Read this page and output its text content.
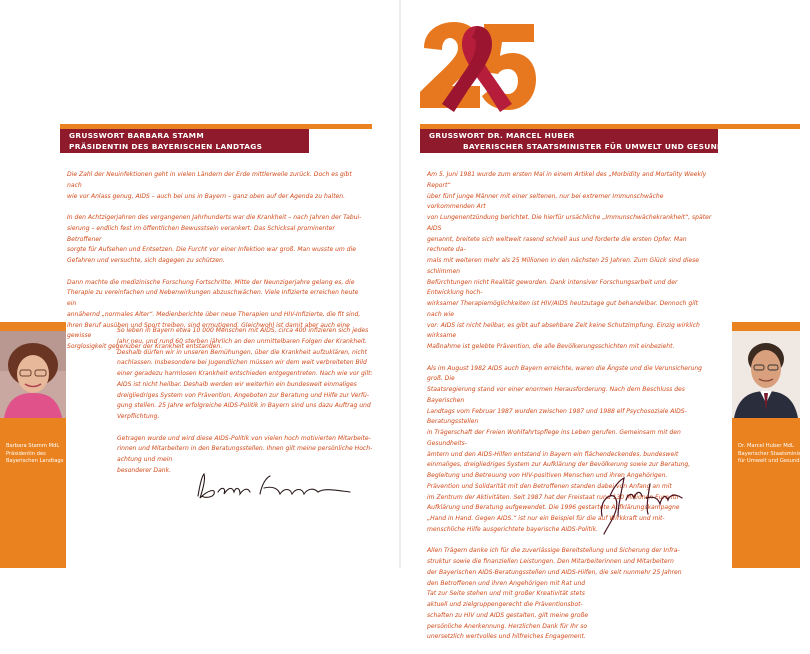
GRUSSWORT BARBARA STAMM
PRÄSIDENTIN DES BAYERISCHEN LANDTAGS

Die Zahl der Neuinfektionen geht in vielen Ländern der Erde mittlerweile zurück. Doch es gibt nach
wie vor Anlass genug, AIDS – auch bei uns in Bayern – ganz oben auf der Agenda zu halten.

In den Achtzigerjahren des vergangenen Jahrhunderts war die Krankheit – nach Jahren der Tabui-
sierung – endlich fest im öffentlichen Bewusstsein verankert. Das Schicksal prominenter Betroffener
sorgte für Aufsehen und Entsetzen. Die Furcht vor einer Infektion war groß. Man wusste um die
Gefahren und versuchte, sich dagegen zu schützen.

Dann machte die medizinische Forschung Fortschritte. Mitte der Neunzigerjahre gelang es, die
Therapie zu vereinfachen und Nebenwirkungen abzuschwächen. Viele Infizierte erreichen heute ein
annähernd „normales Alter“. Medienberichte über neue Therapien und HIV-Infizierte, die fit sind,
ihren Beruf ausüben und Sport treiben, sind ermutigend. Gleichwohl ist damit aber auch eine gewisse
Sorglosigkeit gegenüber der Krankheit entstanden.

Barbara Stamm MdL
Präsidentin des
Bayerischen Landtags

So leben in Bayern etwa 10 000 Menschen mit AIDS, circa 400 infizieren sich jedes
Jahr neu, und rund 60 sterben jährlich an den unmittelbaren Folgen der Krankheit.
Deshalb dürfen wir in unseren Bemühungen, über die Krankheit aufzuklären, nicht
nachlassen. Insbesondere bei Jugendlichen müssen wir dem weit verbreiteten Bild
einer geradezu harmlosen Krankheit entschieden entgegentreten. Nach wie vor gilt:
AIDS ist nicht heilbar. Deshalb werden wir weiterhin ein bundesweit einmaliges
dreigliedriges System von Prävention, Angeboten zur Beratung und Hilfe zur Verfü-
gung stellen. 25 Jahre erfolgreiche AIDS-Politik in Bayern sind uns dazu Auftrag und
Verpflichtung.

Getragen wurde und wird diese AIDS-Politik von vielen hoch motivierten Mitarbeite-
rinnen und Mitarbeitern in den Beratungsstellen. Ihnen gilt meine persönliche Hoch-
achtung und mein
besonderer Dank.

GRUSSWORT DR. MARCEL HUBER
BAYERISCHER STAATSMINISTER FÜR UMWELT UND GESUNDHEIT

Am 5. Juni 1981 wurde zum ersten Mal in einem Artikel des „Morbidity and Mortality Weekly Report“
über fünf junge Männer mit einer seltenen, nur bei extremer Immunschwäche vorkommenden Art
von Lungenentzündung berichtet. Die hierfür ursächliche „Immunschwächekrankheit“, später AIDS
genannt, breitete sich weltweit rasend schnell aus und forderte die ersten Opfer. Man rechnete da-
mals mit weiteren mehr als 25 Millionen in den nächsten 25 Jahren. Zum Glück sind diese schlimmen
Befürchtungen nicht Realität geworden. Dank intensiver Forschungsarbeit und der Entwicklung hoch-
wirksamer Therapiemöglichkeiten ist HIV/AIDS heutzutage gut behandelbar. Dennoch gilt nach wie
vor: AIDS ist nicht heilbar, es gibt auf absehbare Zeit keine Schutzimpfung. Einzig wirklich wirksame
Maßnahme ist gelebte Prävention, die alle Bevölkerungsschichten mit einbezieht.

Als im August 1982 AIDS auch Bayern erreichte, waren die Ängste und die Verunsicherung groß. Die
Staatsregierung stand vor einer enormen Herausforderung. Nach dem Beschluss des Bayerischen
Landtags vom Februar 1987 wurden zwischen 1987 und 1988 elf Psychosoziale AIDS-Beratungsstellen
in Trägerschaft der Freien Wohlfahrtspflege ins Leben gerufen. Gemeinsam mit den Gesundheits-
ämtern und den AIDS-Hilfen entstand in Bayern ein flächendeckendes, bundesweit
einmaliges, dreigliedriges System zur Aufklärung der Bevölkerung sowie zur Beratung,
Begleitung und Betreuung von HIV-positiven Menschen und ihren Angehörigen.
Prävention und Solidarität mit den Betroffenen standen dabei von Anfang an mit
im Zentrum der Aktivitäten. Seit 1987 hat der Freistaat rund 130 Millionen Euro für
Aufklärung und Beratung aufgewendet. Die 1996 gestartete Aufklärungskampagne
„Hand in Hand. Gegen AIDS.“ ist nur ein Beispiel für die auf Wirkkraft und mit-
menschliche Hilfe ausgerichtete bayerische AIDS-Politik.

Allen Trägern danke ich für die zuverlässige Bereitstellung und Sicherung der Infra-
struktur sowie die finanziellen Leistungen. Den Mitarbeiterinnen und Mitarbeitern
der Bayerischen AIDS-Beratungsstellen und AIDS-Hilfen, die seit nunmehr 25 Jahren
den Betroffenen und ihren Angehörigen mit Rat und
Tat zur Seite stehen und mit großer Kreativität stets
aktuell und zielgruppengerecht die Präventionsbot-
schaften zu HIV und AIDS gestalten, gilt meine große
persönliche Anerkennung. Herzlichen Dank für Ihr so
unersetzlich wertvolles und hilfreiches Engagement.

Dr. Marcel Huber MdL
Bayerischer Staatsminister
für Umwelt und Gesundheit
